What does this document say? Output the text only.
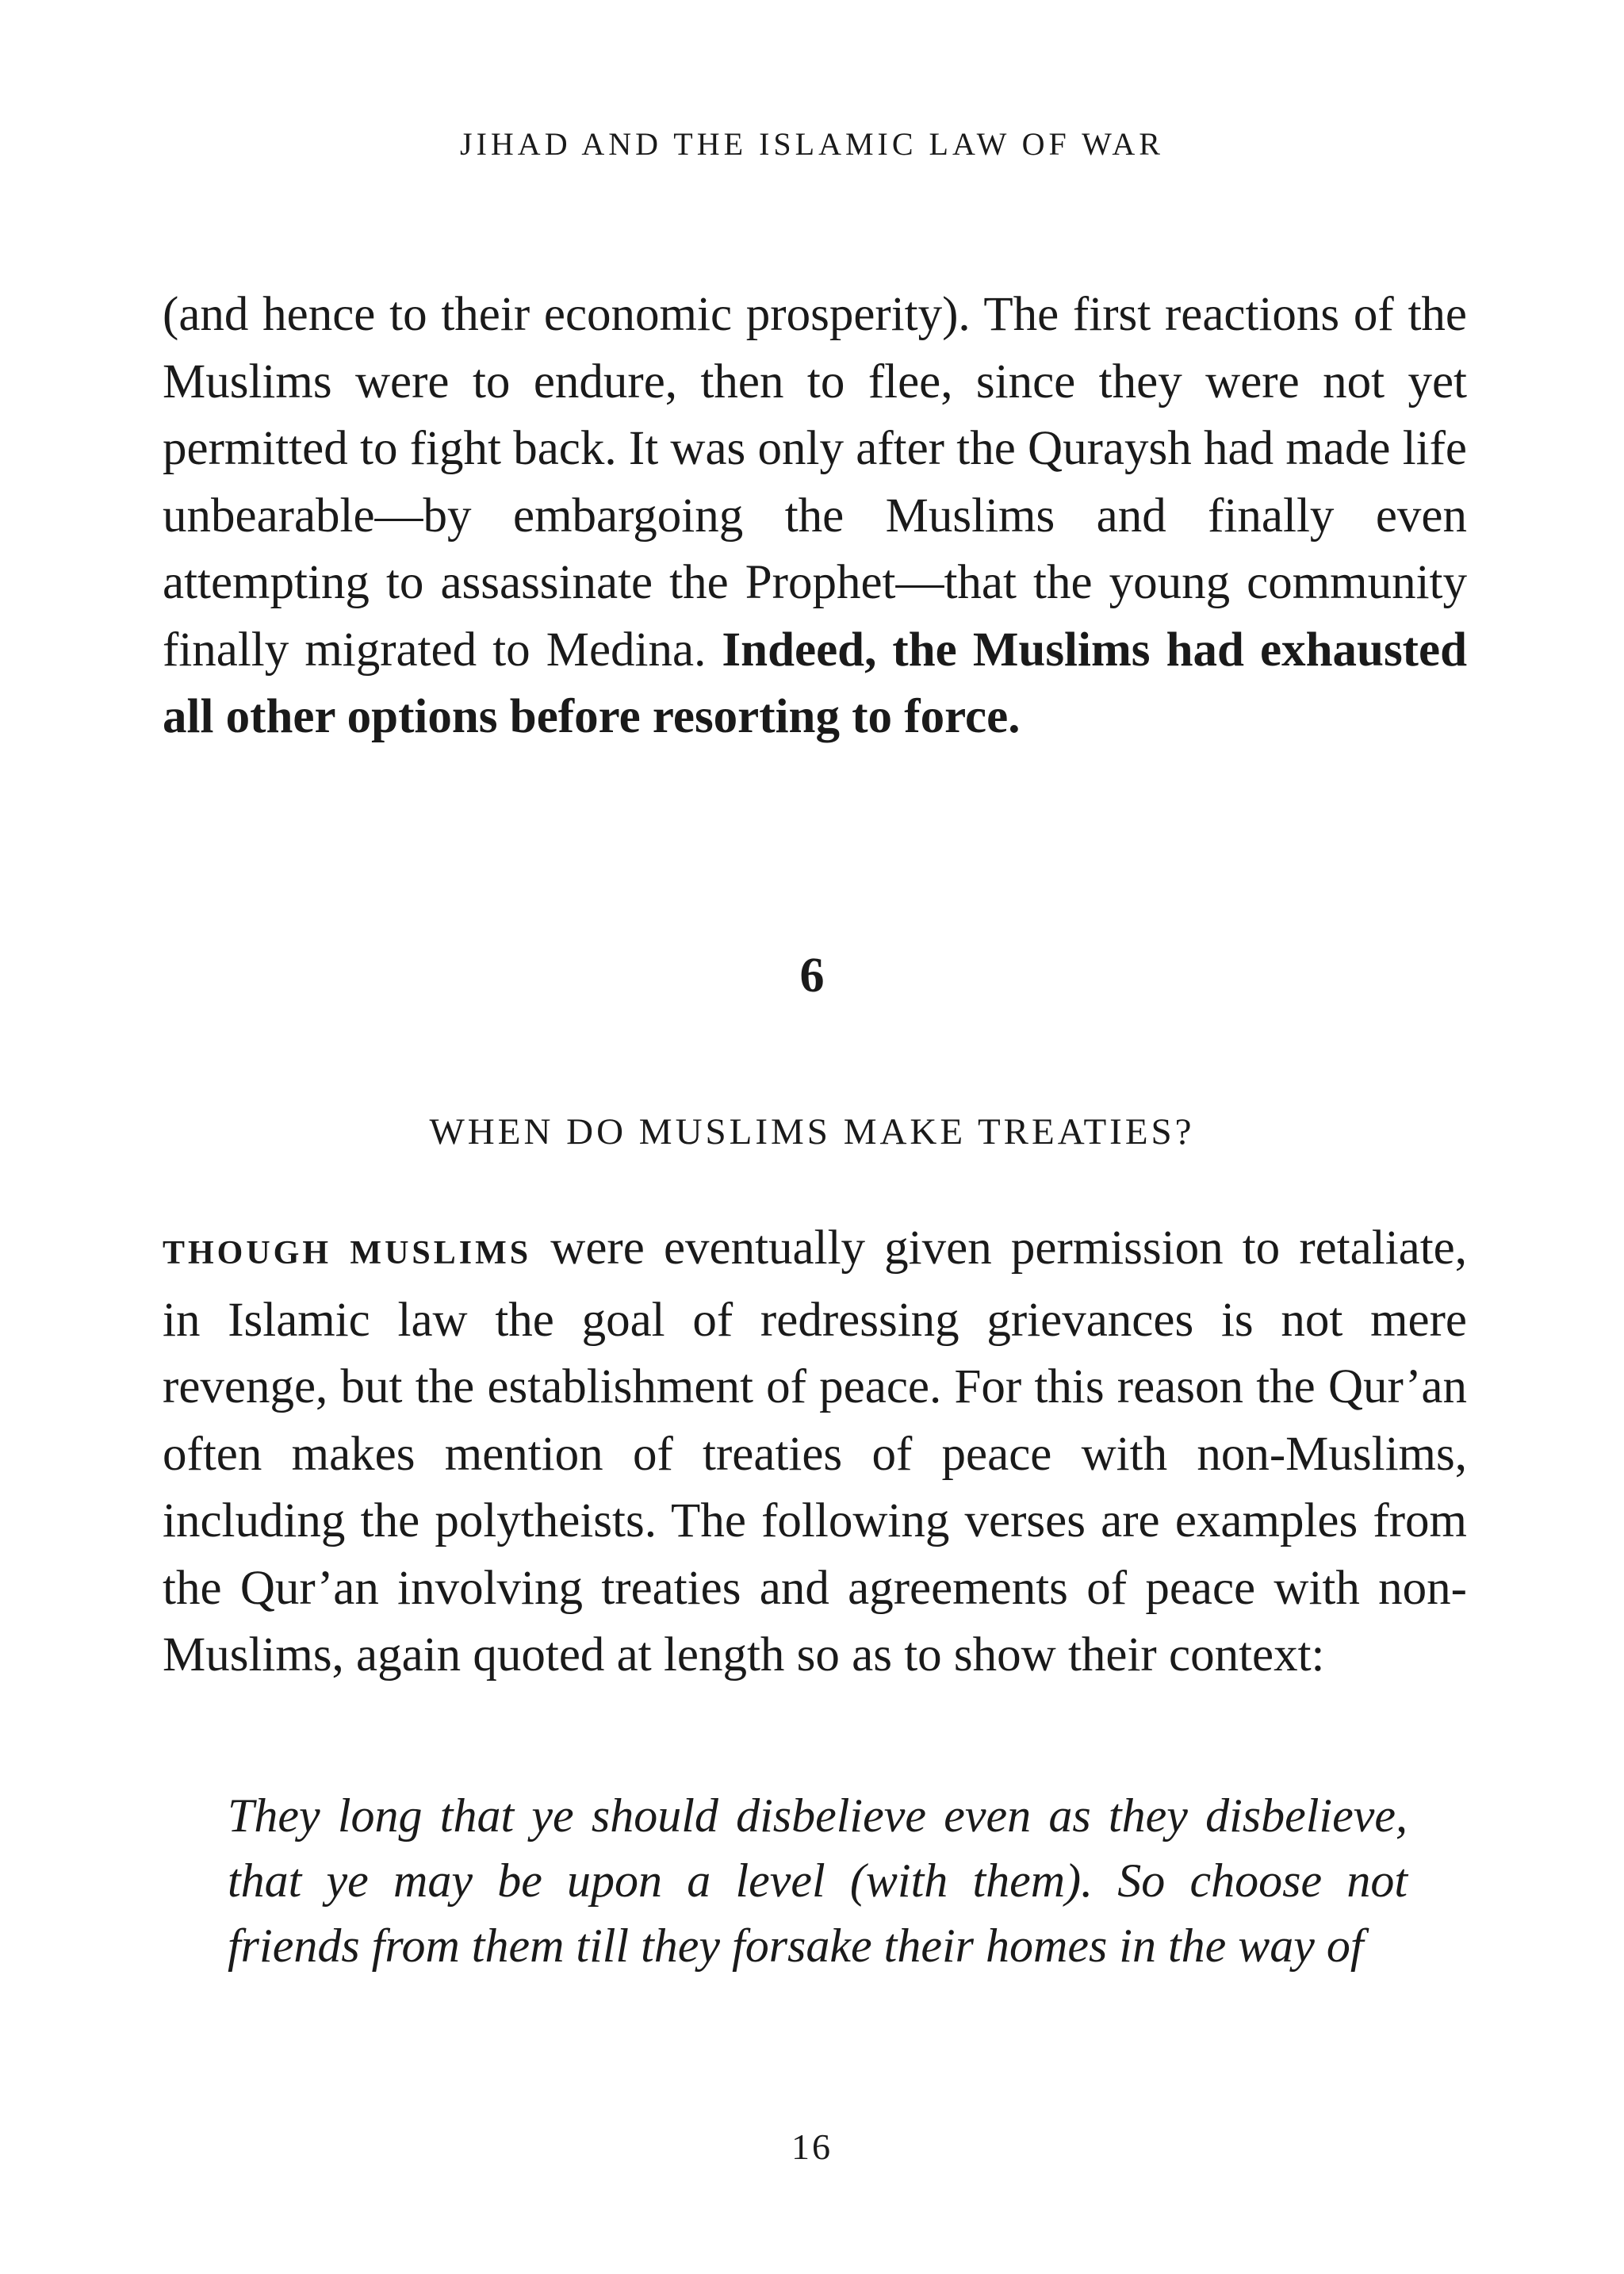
JIHAD AND THE ISLAMIC LAW OF WAR
(and hence to their economic prosperity). The first reactions of the Muslims were to endure, then to flee, since they were not yet permitted to fight back. It was only after the Quraysh had made life unbearable—by embargoing the Muslims and finally even attempting to assassinate the Prophet—that the young community finally migrated to Medina. Indeed, the Muslims had exhausted all other options before resorting to force.
6
WHEN DO MUSLIMS MAKE TREATIES?
THOUGH MUSLIMS were eventually given permission to retaliate, in Islamic law the goal of redressing grievances is not mere revenge, but the establishment of peace. For this reason the Qur’an often makes mention of treaties of peace with non-Muslims, including the polytheists. The following verses are examples from the Qur’an involving treaties and agreements of peace with non-Muslims, again quoted at length so as to show their context:
They long that ye should disbelieve even as they disbelieve, that ye may be upon a level (with them). So choose not friends from them till they forsake their homes in the way of
16
